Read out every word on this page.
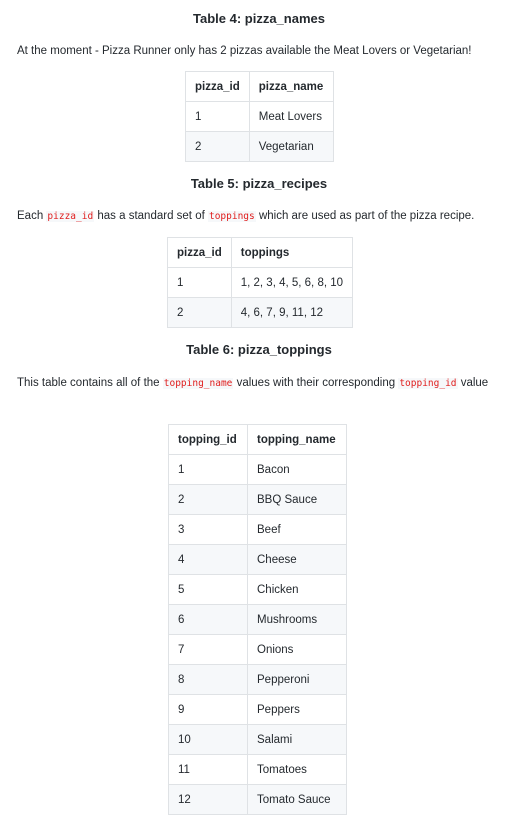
Table 4: pizza_names
At the moment - Pizza Runner only has 2 pizzas available the Meat Lovers or Vegetarian!
pizza_id	pizza_name
1	Meat Lovers
2	Vegetarian
Table 5: pizza_recipes
Each pizza_id has a standard set of toppings which are used as part of the pizza recipe.
pizza_id	toppings
1	1, 2, 3, 4, 5, 6, 8, 10
2	4, 6, 7, 9, 11, 12
Table 6: pizza_toppings
This table contains all of the topping_name values with their corresponding topping_id value
topping_id	topping_name
1	Bacon
2	BBQ Sauce
3	Beef
4	Cheese
5	Chicken
6	Mushrooms
7	Onions
8	Pepperoni
9	Peppers
10	Salami
11	Tomatoes
12	Tomato Sauce
